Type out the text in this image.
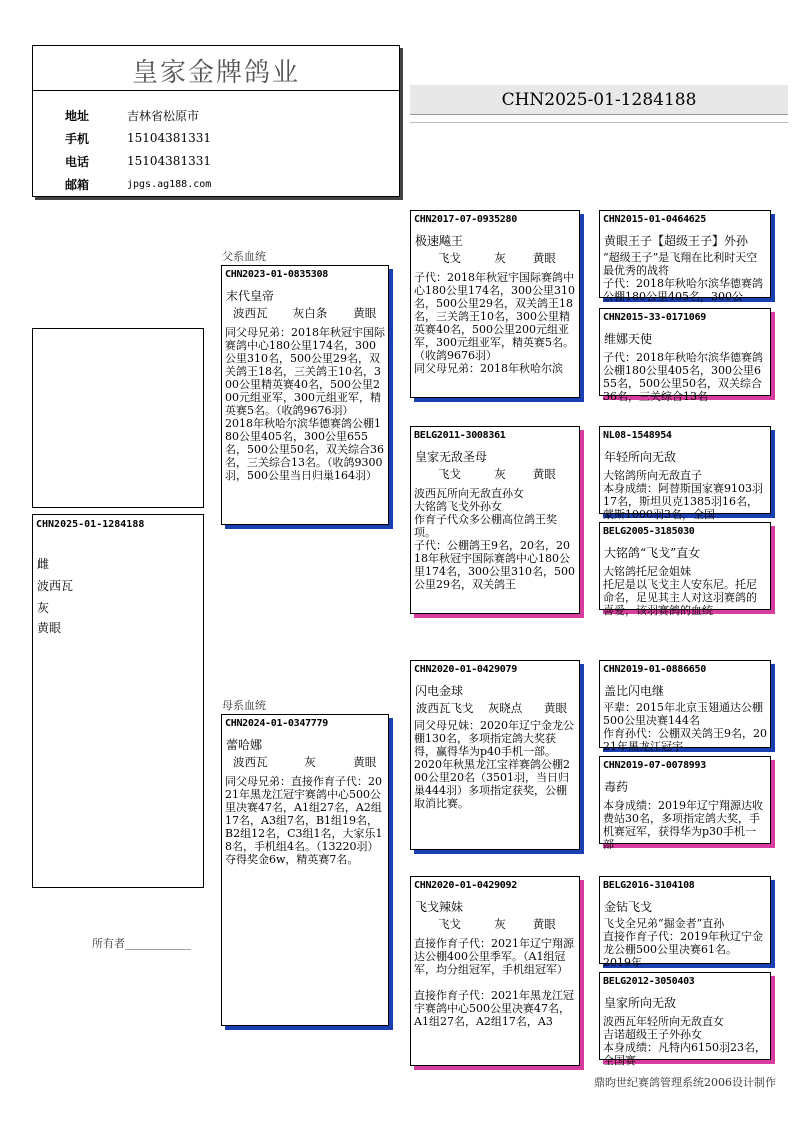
皇家金牌鸽业
地址	吉林省松原市
手机	15104381331
电话	15104381331
邮箱	jpgs.ag188.com
CHN2025-01-1284188
CHN2025-01-1284188
雌
波西瓦
灰
黄眼
父系血统
母系血统
CHN2023-01-0835308
末代皇帝
波西瓦	灰白条	黄眼
同父母兄弟：2018年秋冠宇国际赛鸽中心180公里174名，300公里310名，500公里29名，双关鸽王18名，三关鸽王10名，300公里精英赛40名，500公里200元组亚军，300元组亚军，精英赛5名。（收鸽9676羽）
2018年秋哈尔滨华德赛鸽公棚180公里405名，300公里655名，500公里50名，双关综合36名，三关综合13名。（收鸽9300羽，500公里当日归巢164羽）
CHN2024-01-0347779
蕾哈娜
波西瓦	灰	黄眼
同父母兄弟：直接作育子代：2021年黑龙江冠宇赛鸽中心500公里决赛47名，A1组27名，A2组17名，A3组7名，B1组19名，B2组12名，C3组1名，大家乐18名，手机组4名。（13220羽）夺得奖金6w，精英赛7名。
CHN2017-07-0935280
极速飚王
飞戈	灰	黄眼
子代：2018年秋冠宇国际赛鸽中心180公里174名，300公里310名，500公里29名，双关鸽王18名，三关鸽王10名，300公里精英赛40名，500公里200元组亚军，300元组亚军，精英赛5名。（收鸽9676羽）
同父母兄弟：2018年秋哈尔滨
BELG2011-3008361
皇家无敌圣母
飞戈	灰	黄眼
波西瓦所向无敌直孙女
大铭鸽飞戈外孙女
作育子代众多公棚高位鸽王奖项。
子代：公棚鸽王9名，20名，2018年秋冠宇国际赛鸽中心180公里174名，300公里310名，500公里29名，双关鸽王
CHN2020-01-0429079
闪电金球
波西瓦飞戈	灰晓点	黄眼
同父母兄妹：2020年辽宁金龙公棚130名，多项指定鸽大奖获得，赢得华为p40手机一部。
2020年秋黑龙江宝祥赛鸽公棚200公里20名（3501羽，当日归巢444羽）多项指定获奖，公棚取消比赛。
CHN2020-01-0429092
飞戈辣妹
飞戈	灰	黄眼
直接作育子代：2021年辽宁翔源达公棚400公里季军。（A1组冠军，均分组冠军，手机组冠军）

直接作育子代：2021年黑龙江冠宇赛鸽中心500公里决赛47名，A1组27名，A2组17名，A3
CHN2015-01-0464625
黄眼王子【超级王子】外孙
“超级王子”是飞翔在比利时天空最优秀的战将
子代：2018年秋哈尔滨华德赛鸽公棚180公里405名，300公
CHN2015-33-0171069
维娜天使
子代：2018年秋哈尔滨华德赛鸽公棚180公里405名，300公里655名，500公里50名，双关综合36名，三关综合13名
NL08-1548954
年轻所向无敌
大铭鸽所向无敌直子
本身成绩：阿替斯国家赛9103羽17名，斯坦贝克1385羽16名，蒙斯1000羽3名，全国
BELG2005-3185030
大铭鸽“飞戈”直女
大铭鸽托尼金姐妹
托尼是以飞戈主人安东尼。托尼命名，足见其主人对这羽赛鸽的喜爱，该羽赛鸽的血统
CHN2019-01-0886650
盖比闪电继
平辈：2015年北京玉翅通达公棚500公里决赛144名
作育孙代：公棚双关鸽王9名，2021年黑龙江冠宇
CHN2019-07-0078993
毒药
本身成绩：2019年辽宁翔源达收费站30名，多项指定鸽大奖，手机赛冠军，获得华为p30手机一部
BELG2016-3104108
金钻飞戈
飞戈全兄弟“掘金者”直孙
直接作育子代：2019年秋辽宁金龙公棚500公里决赛61名。
2019年
BELG2012-3050403
皇家所向无敌
波西瓦年轻所向无敌直女
吉诺超级王子外孙女
本身成绩：凡特内6150羽23名，全国赛
所有者____________
鼎昀世纪赛鸽管理系统2006设计制作
